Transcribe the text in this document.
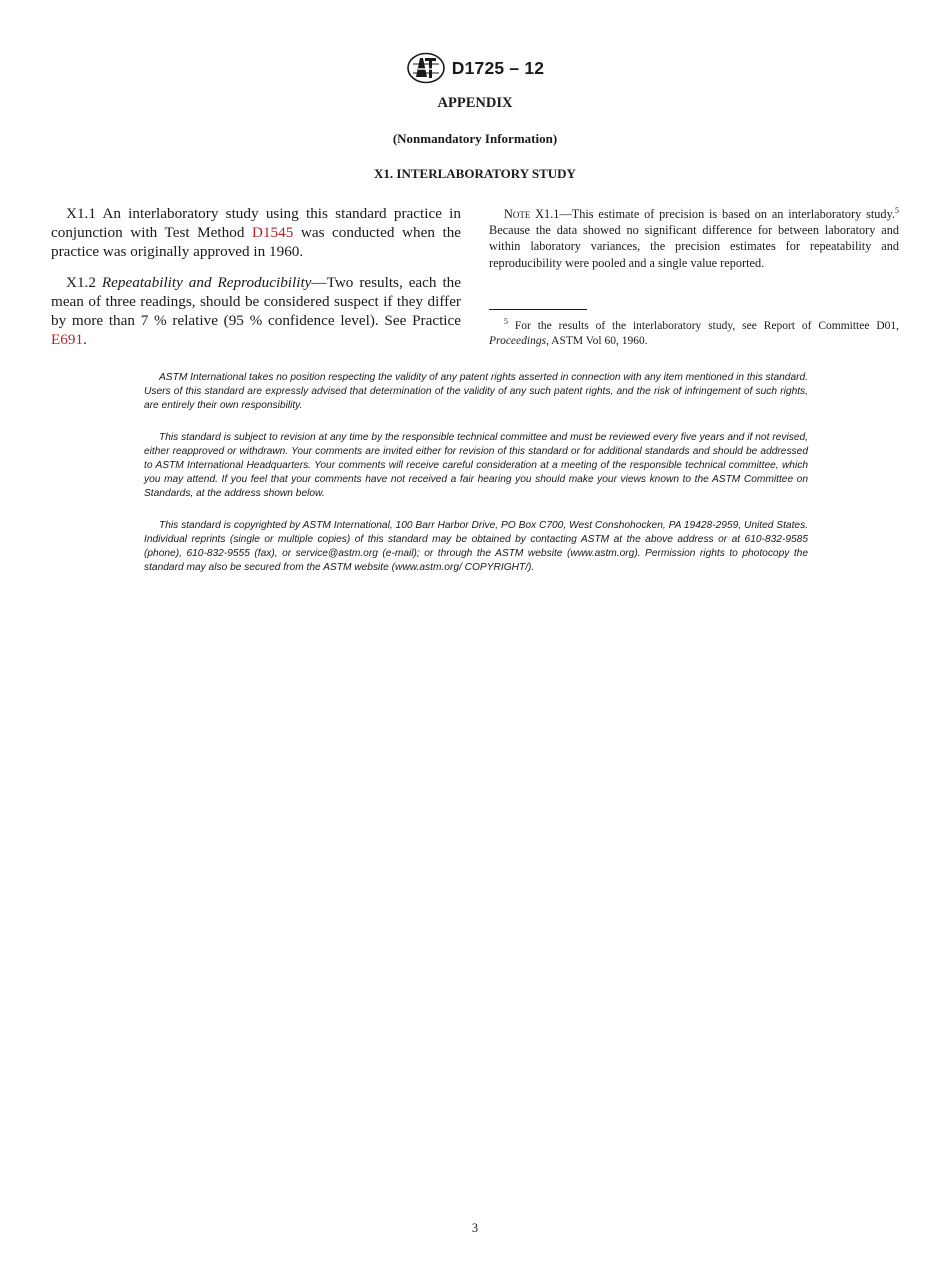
D1725 – 12
APPENDIX
(Nonmandatory Information)
X1. INTERLABORATORY STUDY

X1.1 An interlaboratory study using this standard practice in conjunction with Test Method D1545 was conducted when the practice was originally approved in 1960.

X1.2 Repeatability and Reproducibility—Two results, each the mean of three readings, should be considered suspect if they differ by more than 7 % relative (95 % confidence level). See Practice E691.

Note X1.1—This estimate of precision is based on an interlaboratory study.$^5$ Because the data showed no significant difference for between laboratory and within laboratory variances, the precision estimates for repeatability and reproducibility were pooled and a single value reported.

$^5$ For the results of the interlaboratory study, see Report of Committee D01, Proceedings, ASTM Vol 60, 1960.

ASTM International takes no position respecting the validity of any patent rights asserted in connection with any item mentioned in this standard. Users of this standard are expressly advised that determination of the validity of any such patent rights, and the risk of infringement of such rights, are entirely their own responsibility.

This standard is subject to revision at any time by the responsible technical committee and must be reviewed every five years and if not revised, either reapproved or withdrawn. Your comments are invited either for revision of this standard or for additional standards and should be addressed to ASTM International Headquarters. Your comments will receive careful consideration at a meeting of the responsible technical committee, which you may attend. If you feel that your comments have not received a fair hearing you should make your views known to the ASTM Committee on Standards, at the address shown below.

This standard is copyrighted by ASTM International, 100 Barr Harbor Drive, PO Box C700, West Conshohocken, PA 19428-2959, United States. Individual reprints (single or multiple copies) of this standard may be obtained by contacting ASTM at the above address or at 610-832-9585 (phone), 610-832-9555 (fax), or service@astm.org (e-mail); or through the ASTM website (www.astm.org). Permission rights to photocopy the standard may also be secured from the ASTM website (www.astm.org/ COPYRIGHT/).

3
